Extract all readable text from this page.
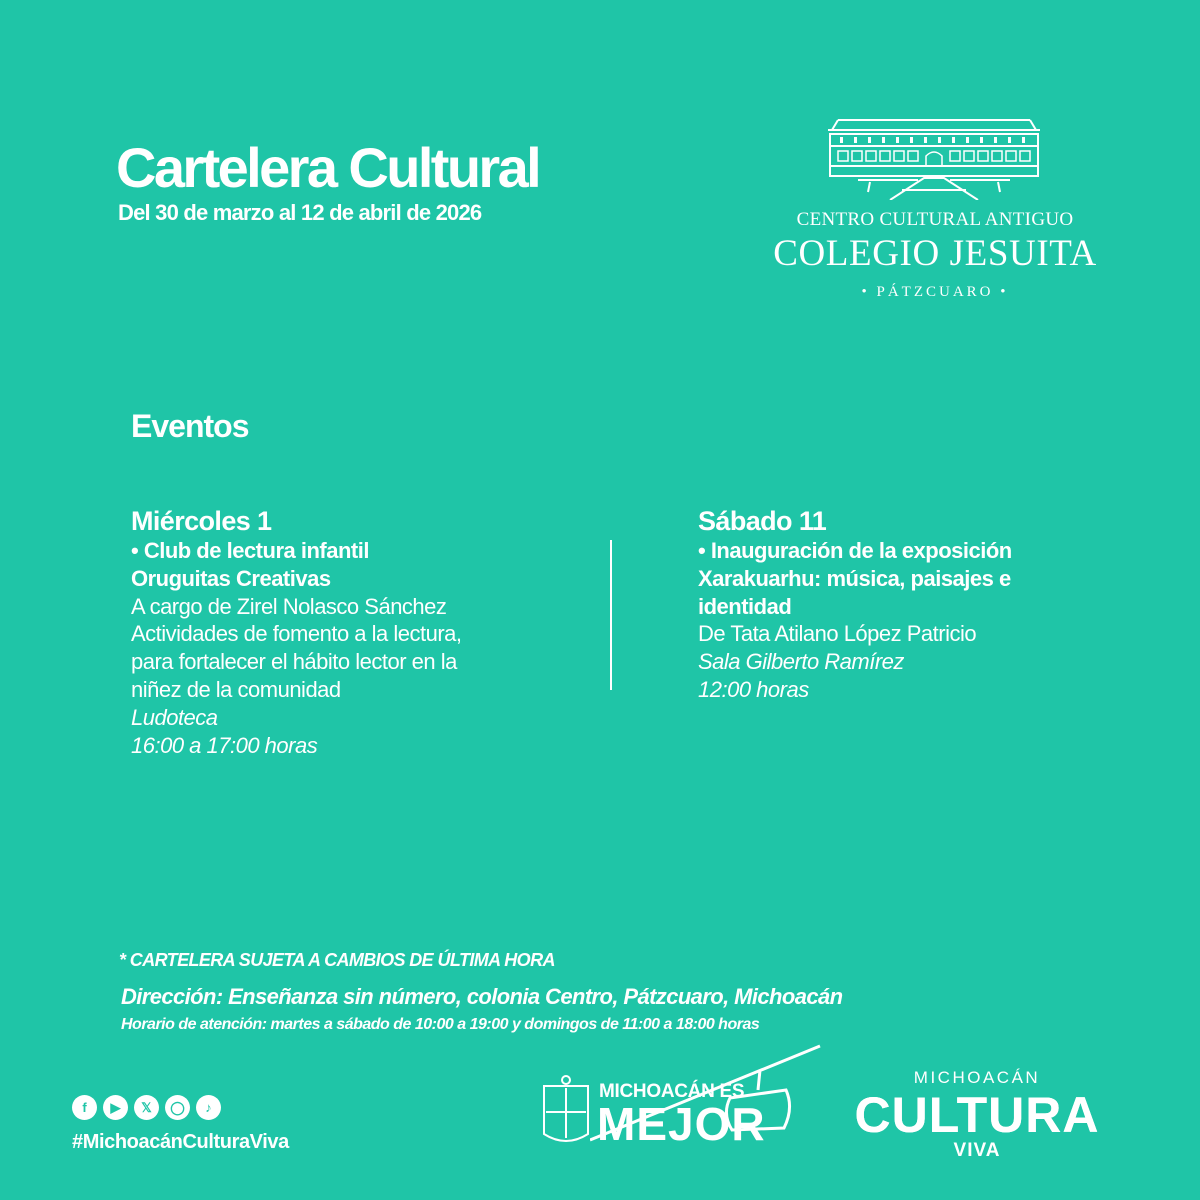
Cartelera Cultural
Del 30 de marzo al 12 de abril de 2026	CENTRO CULTURAL ANTIGUO
COLEGIO JESUITA
• PÁTZCUARO •
Eventos
Miércoles 1
• Club de lectura infantil
Oruguitas Creativas
A cargo de Zirel Nolasco Sánchez
Actividades de fomento a la lectura,
para fortalecer el hábito lector en la
niñez de la comunidad
Ludoteca
16:00 a 17:00 horas
Sábado 11
• Inauguración de la exposición
Xarakuarhu: música, paisajes e
identidad
De Tata Atilano López Patricio
Sala Gilberto Ramírez
12:00 horas
* CARTELERA SUJETA A CAMBIOS DE ÚLTIMA HORA
Dirección: Enseñanza sin número, colonia Centro, Pátzcuaro, Michoacán
Horario de atención: martes a sábado de 10:00 a 19:00 y domingos de 11:00 a 18:00 horas
f	▶	𝕏	◯	♪
#MichoacánCulturaViva
MICHOACÁN ES
MEJOR
MICHOACÁN
CULTURA
VIVA
